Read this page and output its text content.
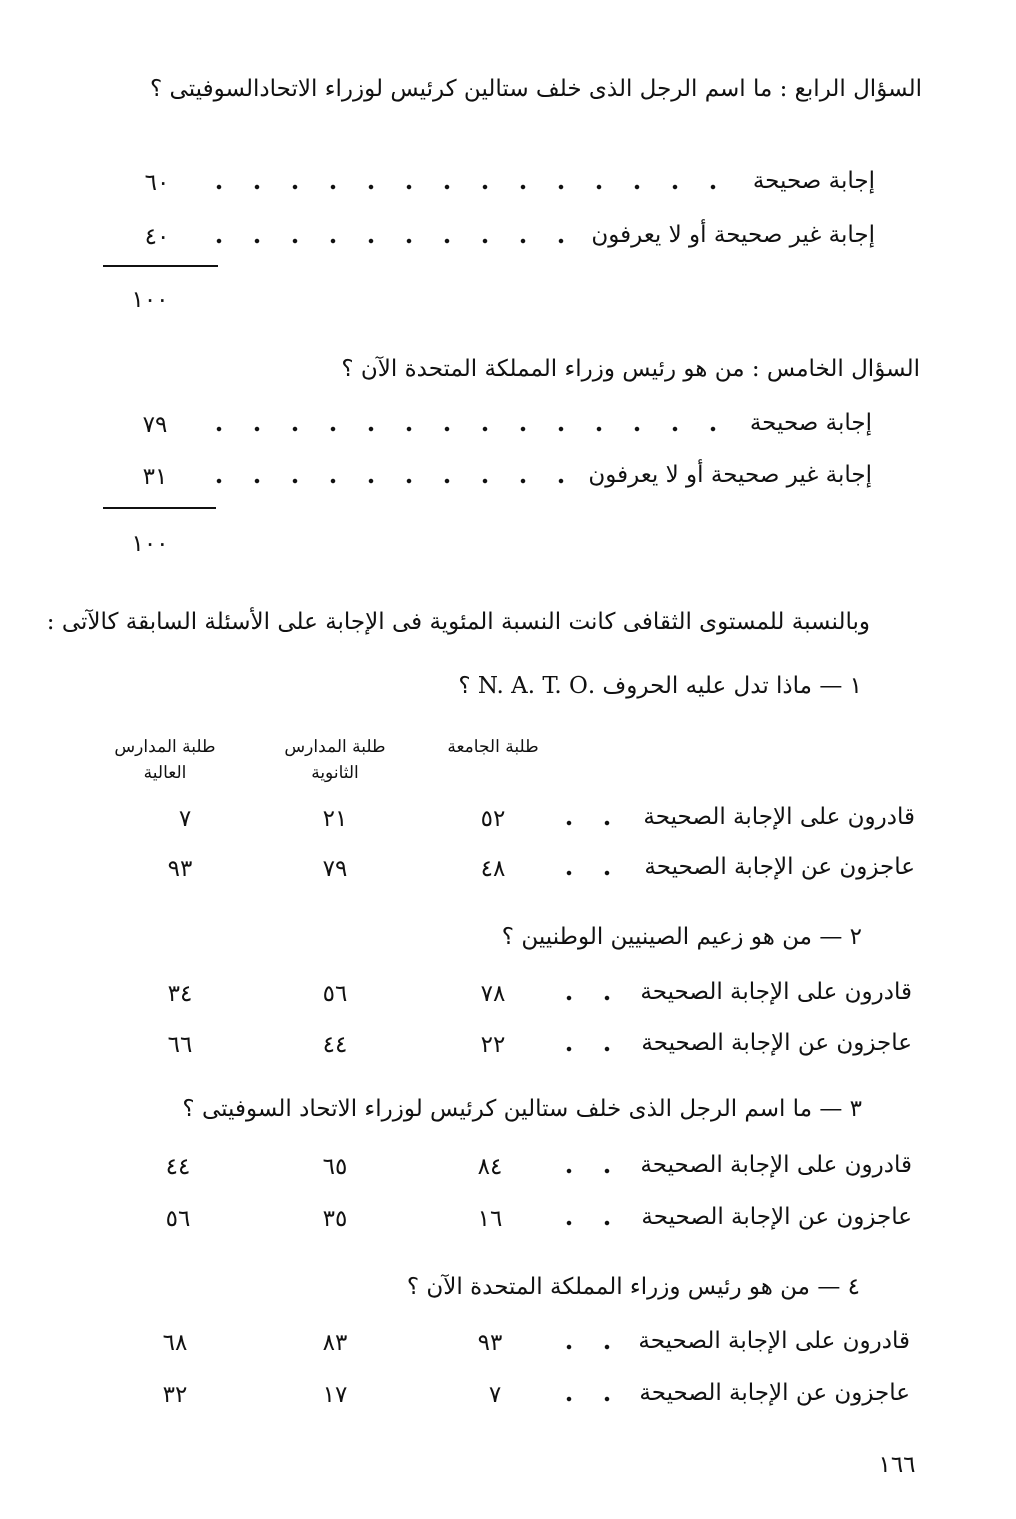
السؤال الرابع : ما اسم الرجل الذى خلف ستالين كرئيس لوزراء الاتحادالسوفيتى ؟
إجابة صحيحة
٦٠
إجابة غير صحيحة أو لا يعرفون
٤٠
١٠٠
السؤال الخامس : من هو رئيس وزراء المملكة المتحدة الآن ؟
إجابة صحيحة
٧٩
إجابة غير صحيحة أو لا يعرفون
٣١
١٠٠
وبالنسبة للمستوى الثقافى كانت النسبة المئوية فى الإجابة على الأسئلة السابقة كالآتى :
١ — ماذا تدل عليه الحروف .N. A. T. O ؟
طلبة الجامعة
طلبة المدارس الثانوية
طلبة المدارس العالية
قادرون على الإجابة الصحيحة
٥٢
٢١
٧
عاجزون عن الإجابة الصحيحة
٤٨
٧٩
٩٣
٢ — من هو زعيم الصينيين الوطنيين ؟
قادرون على الإجابة الصحيحة
٧٨
٥٦
٣٤
عاجزون عن الإجابة الصحيحة
٢٢
٤٤
٦٦
٣ — ما اسم الرجل الذى خلف ستالين كرئيس لوزراء الاتحاد السوفيتى ؟
قادرون على الإجابة الصحيحة
٨٤
٦٥
٤٤
عاجزون عن الإجابة الصحيحة
١٦
٣٥
٥٦
٤ — من هو رئيس وزراء المملكة المتحدة الآن ؟
قادرون على الإجابة الصحيحة
٩٣
٨٣
٦٨
عاجزون عن الإجابة الصحيحة
٧
١٧
٣٢
١٦٦
